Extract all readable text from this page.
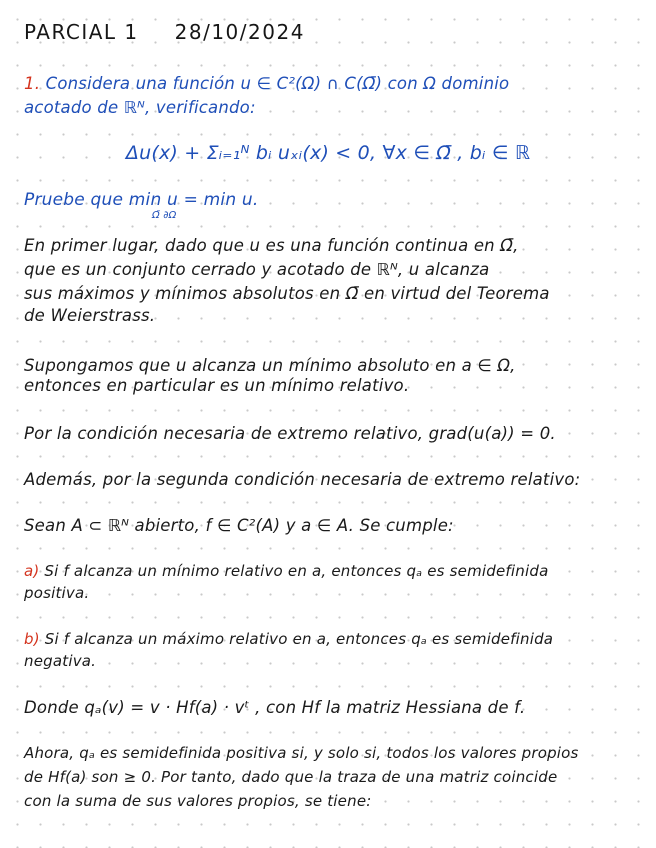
PARCIAL 1 28/10/2024
1. Considera una función u ∈ C²(Ω) ∩ C(Ω̄) con Ω dominio
acotado de ℝᴺ, verificando:
Δu(x) + Σᵢ₌₁ᴺ bᵢ uₓᵢ(x) < 0, ∀x ∈ Ω̄ , bᵢ ∈ ℝ
Pruebe que min u = min u.
Ω̄ ∂Ω
En primer lugar, dado que u es una función continua en Ω̄,
que es un conjunto cerrado y acotado de ℝᴺ, u alcanza
sus máximos y mínimos absolutos en Ω̄ en virtud del Teorema
de Weierstrass.
Supongamos que u alcanza un mínimo absoluto en a ∈ Ω,
entonces en particular es un mínimo relativo.
Por la condición necesaria de extremo relativo, grad(u(a)) = 0.
Además, por la segunda condición necesaria de extremo relativo:
Sean A ⊂ ℝᴺ abierto, f ∈ C²(A) y a ∈ A. Se cumple:
a) Si f alcanza un mínimo relativo en a, entonces qₐ es semidefinida
positiva.
b) Si f alcanza un máximo relativo en a, entonces qₐ es semidefinida
negativa.
Donde qₐ(v) = v · Hf(a) · vᵗ , con Hf la matriz Hessiana de f.
Ahora, qₐ es semidefinida positiva si, y solo si, todos los valores propios
de Hf(a) son ≥ 0. Por tanto, dado que la traza de una matriz coincide
con la suma de sus valores propios, se tiene:
